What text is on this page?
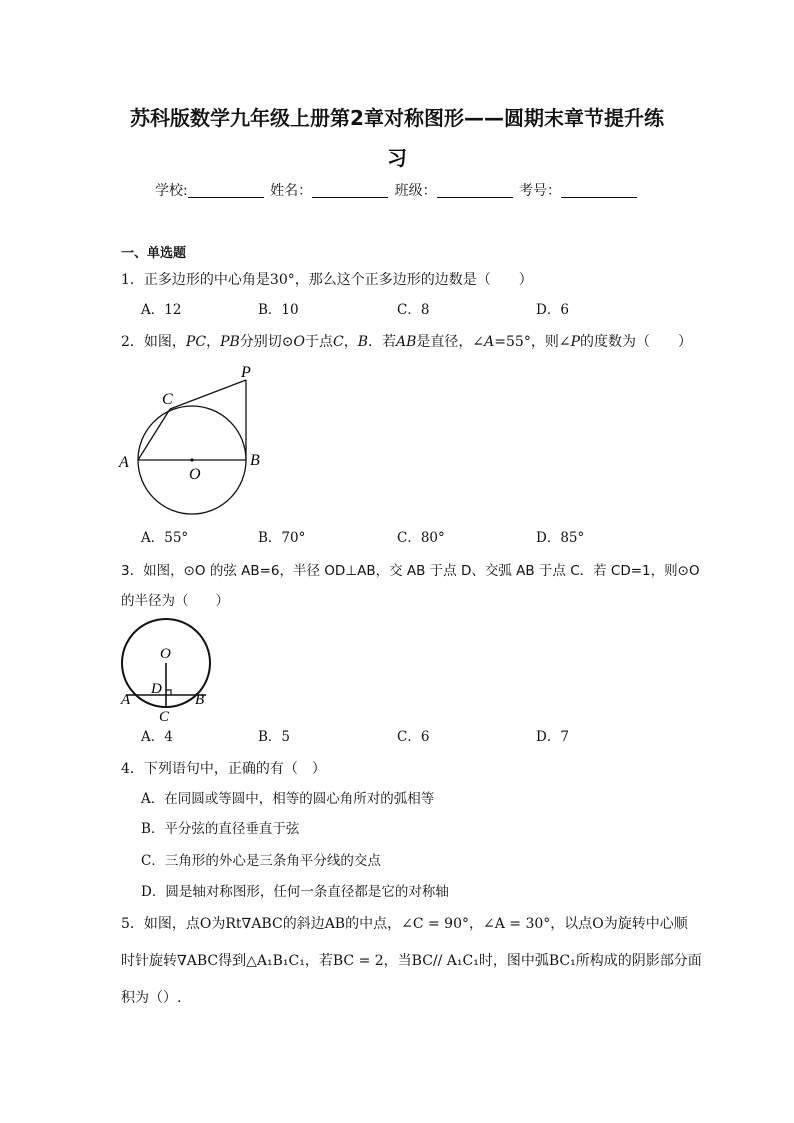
苏科版数学九年级上册第2章对称图形——圆期末章节提升练
习
学校:	姓名：	班级：	考号：
一、单选题
1．正多边形的中心角是30°，那么这个正多边形的边数是（　　）
A．12	B．10	C．8	D．6
2．如图，PC，PB分别切⊙O于点C，B．若AB是直径，∠A=55°，则∠P的度数为（　　）
A	B
C
O
P
A．55°	B．70°	C．80°	D．85°
3．如图，⊙O 的弦 AB=6，半径 OD⊥AB，交 AB 于点 D、交弧 AB 于点 C．若 CD=1，则⊙O
的半径为（　　）
O
D
A	B
C
A．4	B．5	C．6	D．7
4．下列语句中，正确的有（　）
A．在同圆或等圆中，相等的圆心角所对的弧相等
B．平分弦的直径垂直于弦
C．三角形的外心是三条角平分线的交点
D．圆是轴对称图形，任何一条直径都是它的对称轴
5．如图，点O为Rt∇ABC的斜边AB的中点，∠C = 90°，∠A = 30°，以点O为旋转中心顺
时针旋转∇ABC得到△A₁B₁C₁，若BC = 2，当BC// A₁C₁时，图中弧BC₁所构成的阴影部分面
积为（）.
